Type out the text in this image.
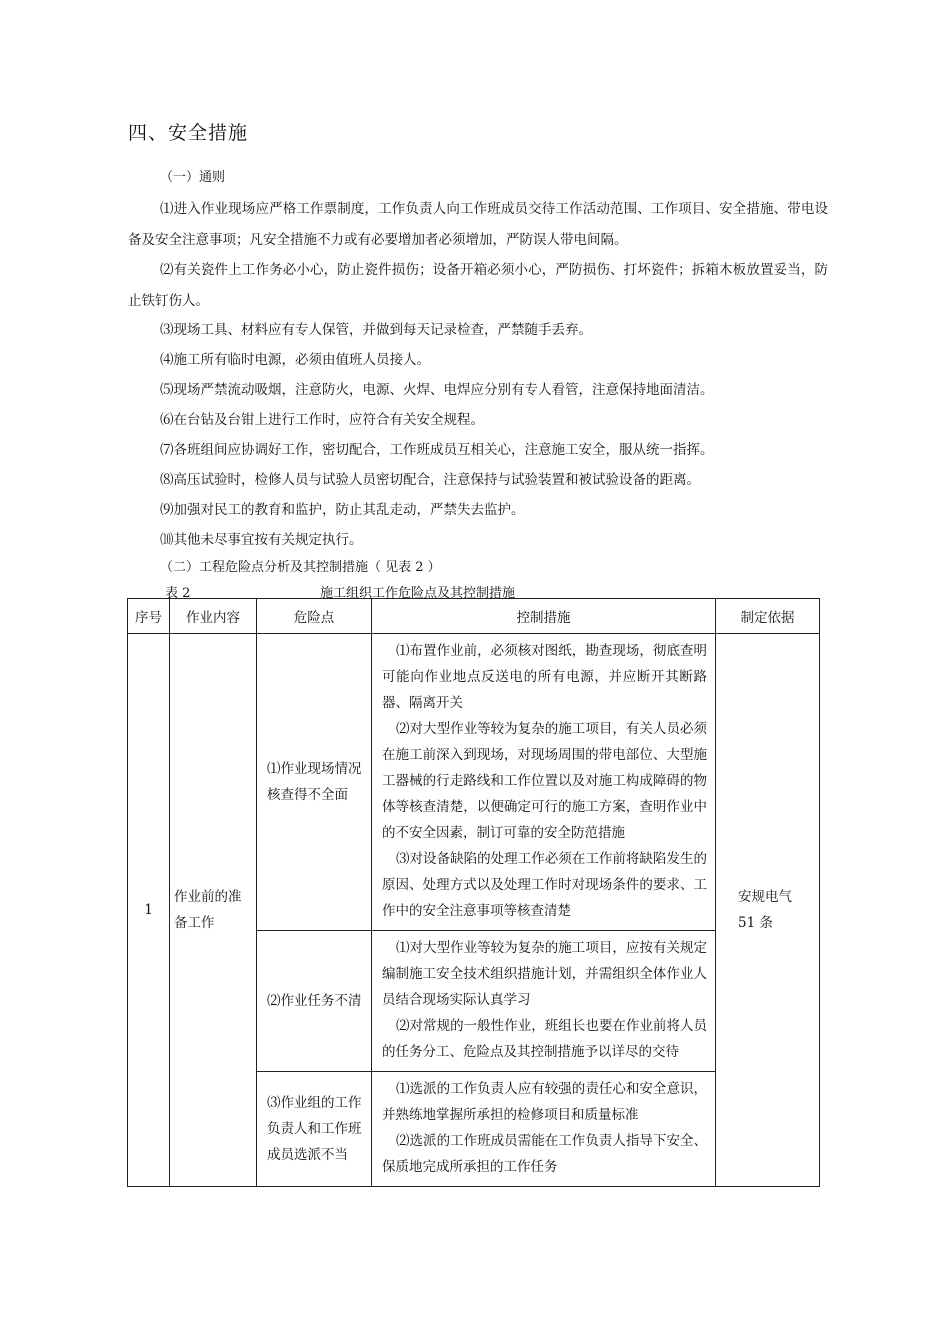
四、安全措施
（一）通则

⑴进入作业现场应严格工作票制度，工作负责人向工作班成员交待工作活动范围、工作项目、安全措施、带电设备及安全注意事项；凡安全措施不力或有必要增加者必须增加，严防误人带电间隔。

⑵有关瓷件上工作务必小心，防止瓷件损伤；设备开箱必须小心，严防损伤、打坏瓷件；拆箱木板放置妥当，防止铁钉伤人。

⑶现场工具、材料应有专人保管，并做到每天记录检查，严禁随手丢弃。

⑷施工所有临时电源，必须由值班人员接人。

⑸现场严禁流动吸烟，注意防火，电源、火焊、电焊应分别有专人看管，注意保持地面清洁。

⑹在台钻及台钳上进行工作时，应符合有关安全规程。

⑺各班组间应协调好工作，密切配合，工作班成员互相关心，注意施工安全，服从统一指挥。

⑻高压试验时，检修人员与试验人员密切配合，注意保持与试验装置和被试验设备的距离。

⑼加强对民工的教育和监护，防止其乱走动，严禁失去监护。

⑽其他未尽事宜按有关规定执行。

（二）工程危险点分析及其控制措施（ 见表 2 ）
表 2	施工组织工作危险点及其控制措施
序号	作业内容	危险点	控制措施	制定依据
1	作业前的准备工作	⑴作业现场情况核查得不全面	⑴布置作业前，必须核对图纸，勘查现场，彻底查明可能向作业地点反送电的所有电源，并应断开其断路器、隔离开关

⑵对大型作业等较为复杂的施工项目，有关人员必须在施工前深入到现场，对现场周围的带电部位、大型施工器械的行走路线和工作位置以及对施工构成障碍的物体等核查清楚，以便确定可行的施工方案，查明作业中的不安全因素，制订可靠的安全防范措施

⑶对设备缺陷的处理工作必须在工作前将缺陷发生的原因、处理方式以及处理工作时对现场条件的要求、工作中的安全注意事项等核查清楚	安规电气 51 条
		⑵作业任务不清	⑴对大型作业等较为复杂的施工项目，应按有关规定编制施工安全技术组织措施计划，并需组织全体作业人员结合现场实际认真学习

⑵对常规的一般性作业，班组长也要在作业前将人员的任务分工、危险点及其控制措施予以详尽的交待	

		⑶作业组的工作负责人和工作班成员选派不当	⑴选派的工作负责人应有较强的责任心和安全意识，并熟练地掌握所承担的检修项目和质量标准

⑵选派的工作班成员需能在工作负责人指导下安全、保质地完成所承担的工作任务	
